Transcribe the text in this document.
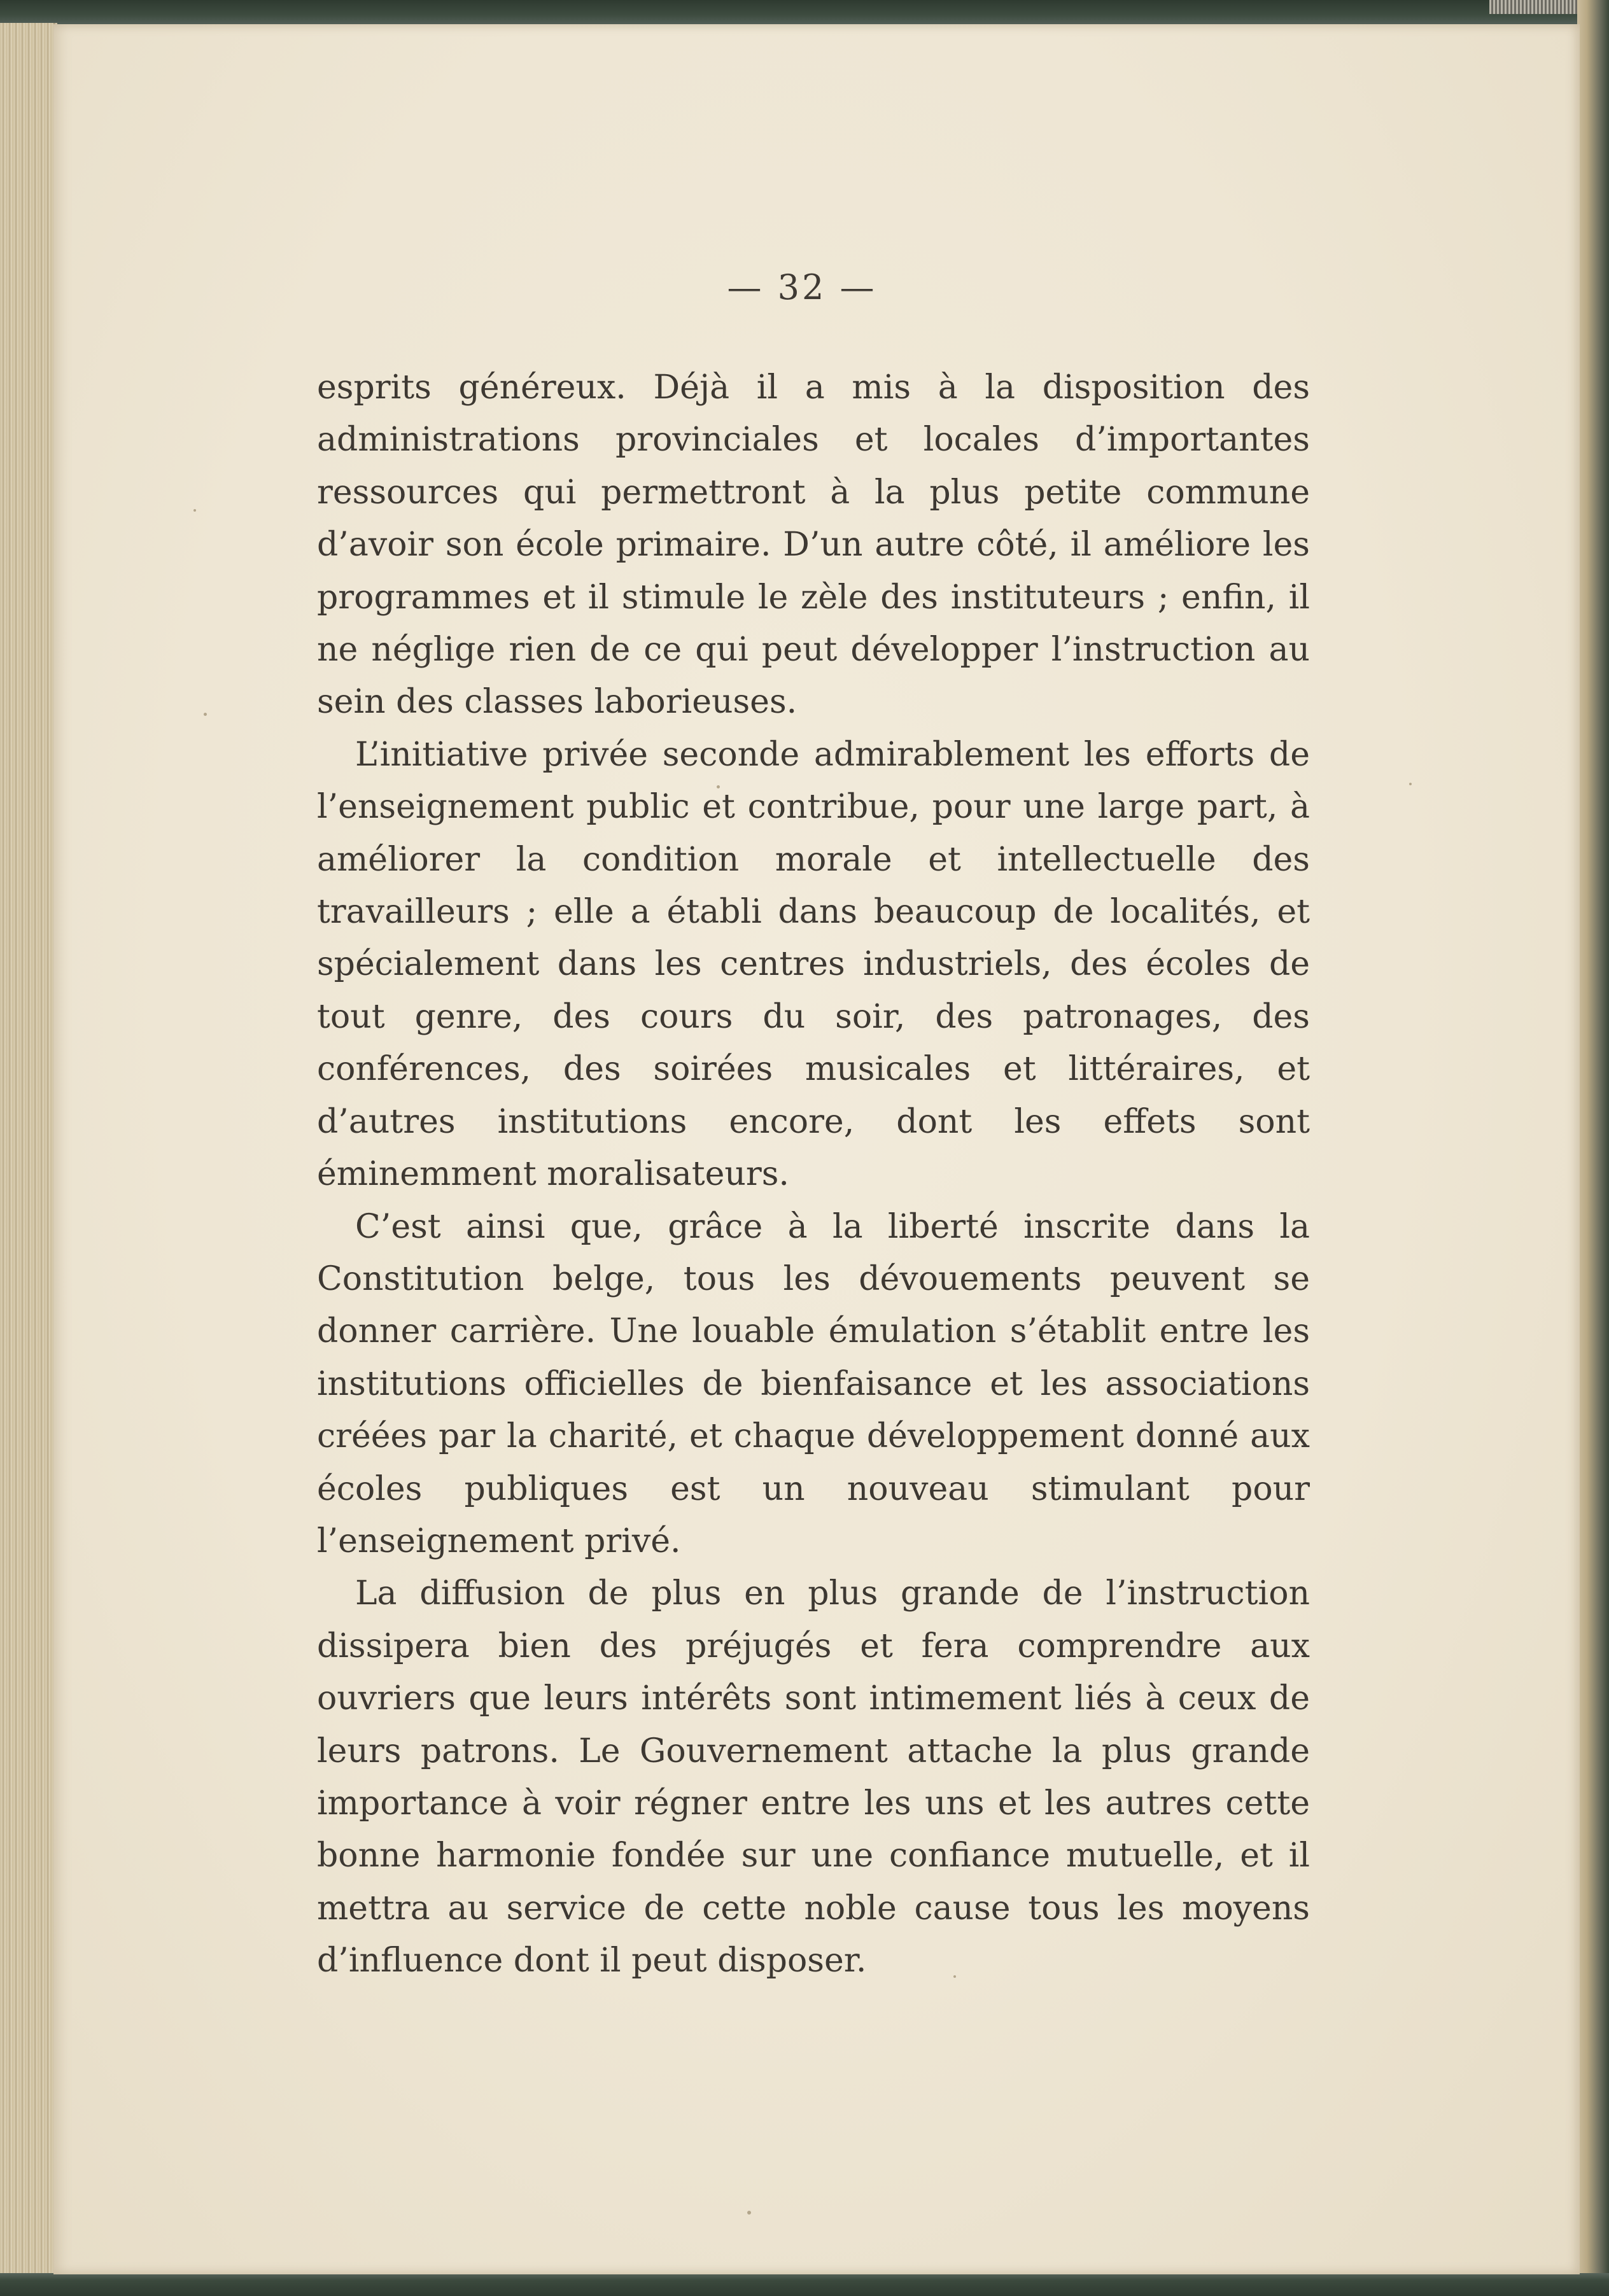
— 32 —

esprits généreux. Déjà il a mis à la disposition des administrations provinciales et locales d’importantes ressources qui permettront à la plus petite commune d’avoir son école primaire. D’un autre côté, il améliore les programmes et il stimule le zèle des instituteurs ; enfin, il ne néglige rien de ce qui peut développer l’instruction au sein des classes laborieuses.

L’initiative privée seconde admirablement les efforts de l’enseignement public et contribue, pour une large part, à améliorer la condition morale et intellectuelle des travailleurs ; elle a établi dans beaucoup de localités, et spécialement dans les centres industriels, des écoles de tout genre, des cours du soir, des patronages, des conférences, des soirées musicales et littéraires, et d’autres institutions encore, dont les effets sont éminemment moralisateurs.

C’est ainsi que, grâce à la liberté inscrite dans la Constitution belge, tous les dévouements peuvent se donner carrière. Une louable émulation s’établit entre les institutions officielles de bienfaisance et les associations créées par la charité, et chaque développement donné aux écoles publiques est un nouveau stimulant pour l’enseignement privé.

La diffusion de plus en plus grande de l’instruction dissipera bien des préjugés et fera comprendre aux ouvriers que leurs intérêts sont intimement liés à ceux de leurs patrons. Le Gouvernement attache la plus grande importance à voir régner entre les uns et les autres cette bonne harmonie fondée sur une confiance mutuelle, et il mettra au service de cette noble cause tous les moyens d’influence dont il peut disposer.
